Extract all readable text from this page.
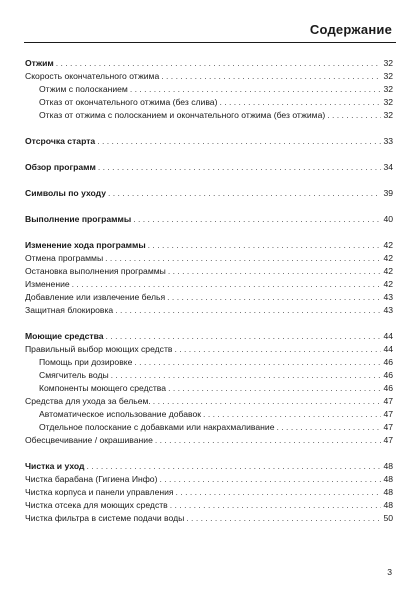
Содержание
Отжим . . .	32
Скорость окончательного отжима . . .	32
Отжим с полосканием . . .	32
Отказ от окончательного отжима (без слива) . . .	32
Отказ от отжима с полосканием и окончательного отжима (без отжима) . . .	32
Отсрочка старта . . .	33
Обзор программ . . .	34
Символы по уходу . . .	39
Выполнение программы . . .	40
Изменение хода программы . . .	42
Отмена программы . . .	42
Остановка выполнения программы . . .	42
Изменение . . .	42
Добавление или извлечение белья . . .	43
Защитная блокировка . . .	43
Моющие средства . . .	44
Правильный выбор моющих средств . . .	44
Помощь при дозировке . . .	46
Смягчитель воды . . .	46
Компоненты моющего средства . . .	46
Средства для ухода за бельем. . . .	47
Автоматическое использование добавок . . .	47
Отдельное полоскание с добавками или накрахмаливание . . .	47
Обесцвечивание / окрашивание . . .	47
Чистка и уход . . .	48
Чистка барабана (Гигиена Инфо) . . .	48
Чистка корпуса и панели управления . . .	48
Чистка отсека для моющих средств . . .	48
Чистка фильтра в системе подачи воды . . .	50
3
